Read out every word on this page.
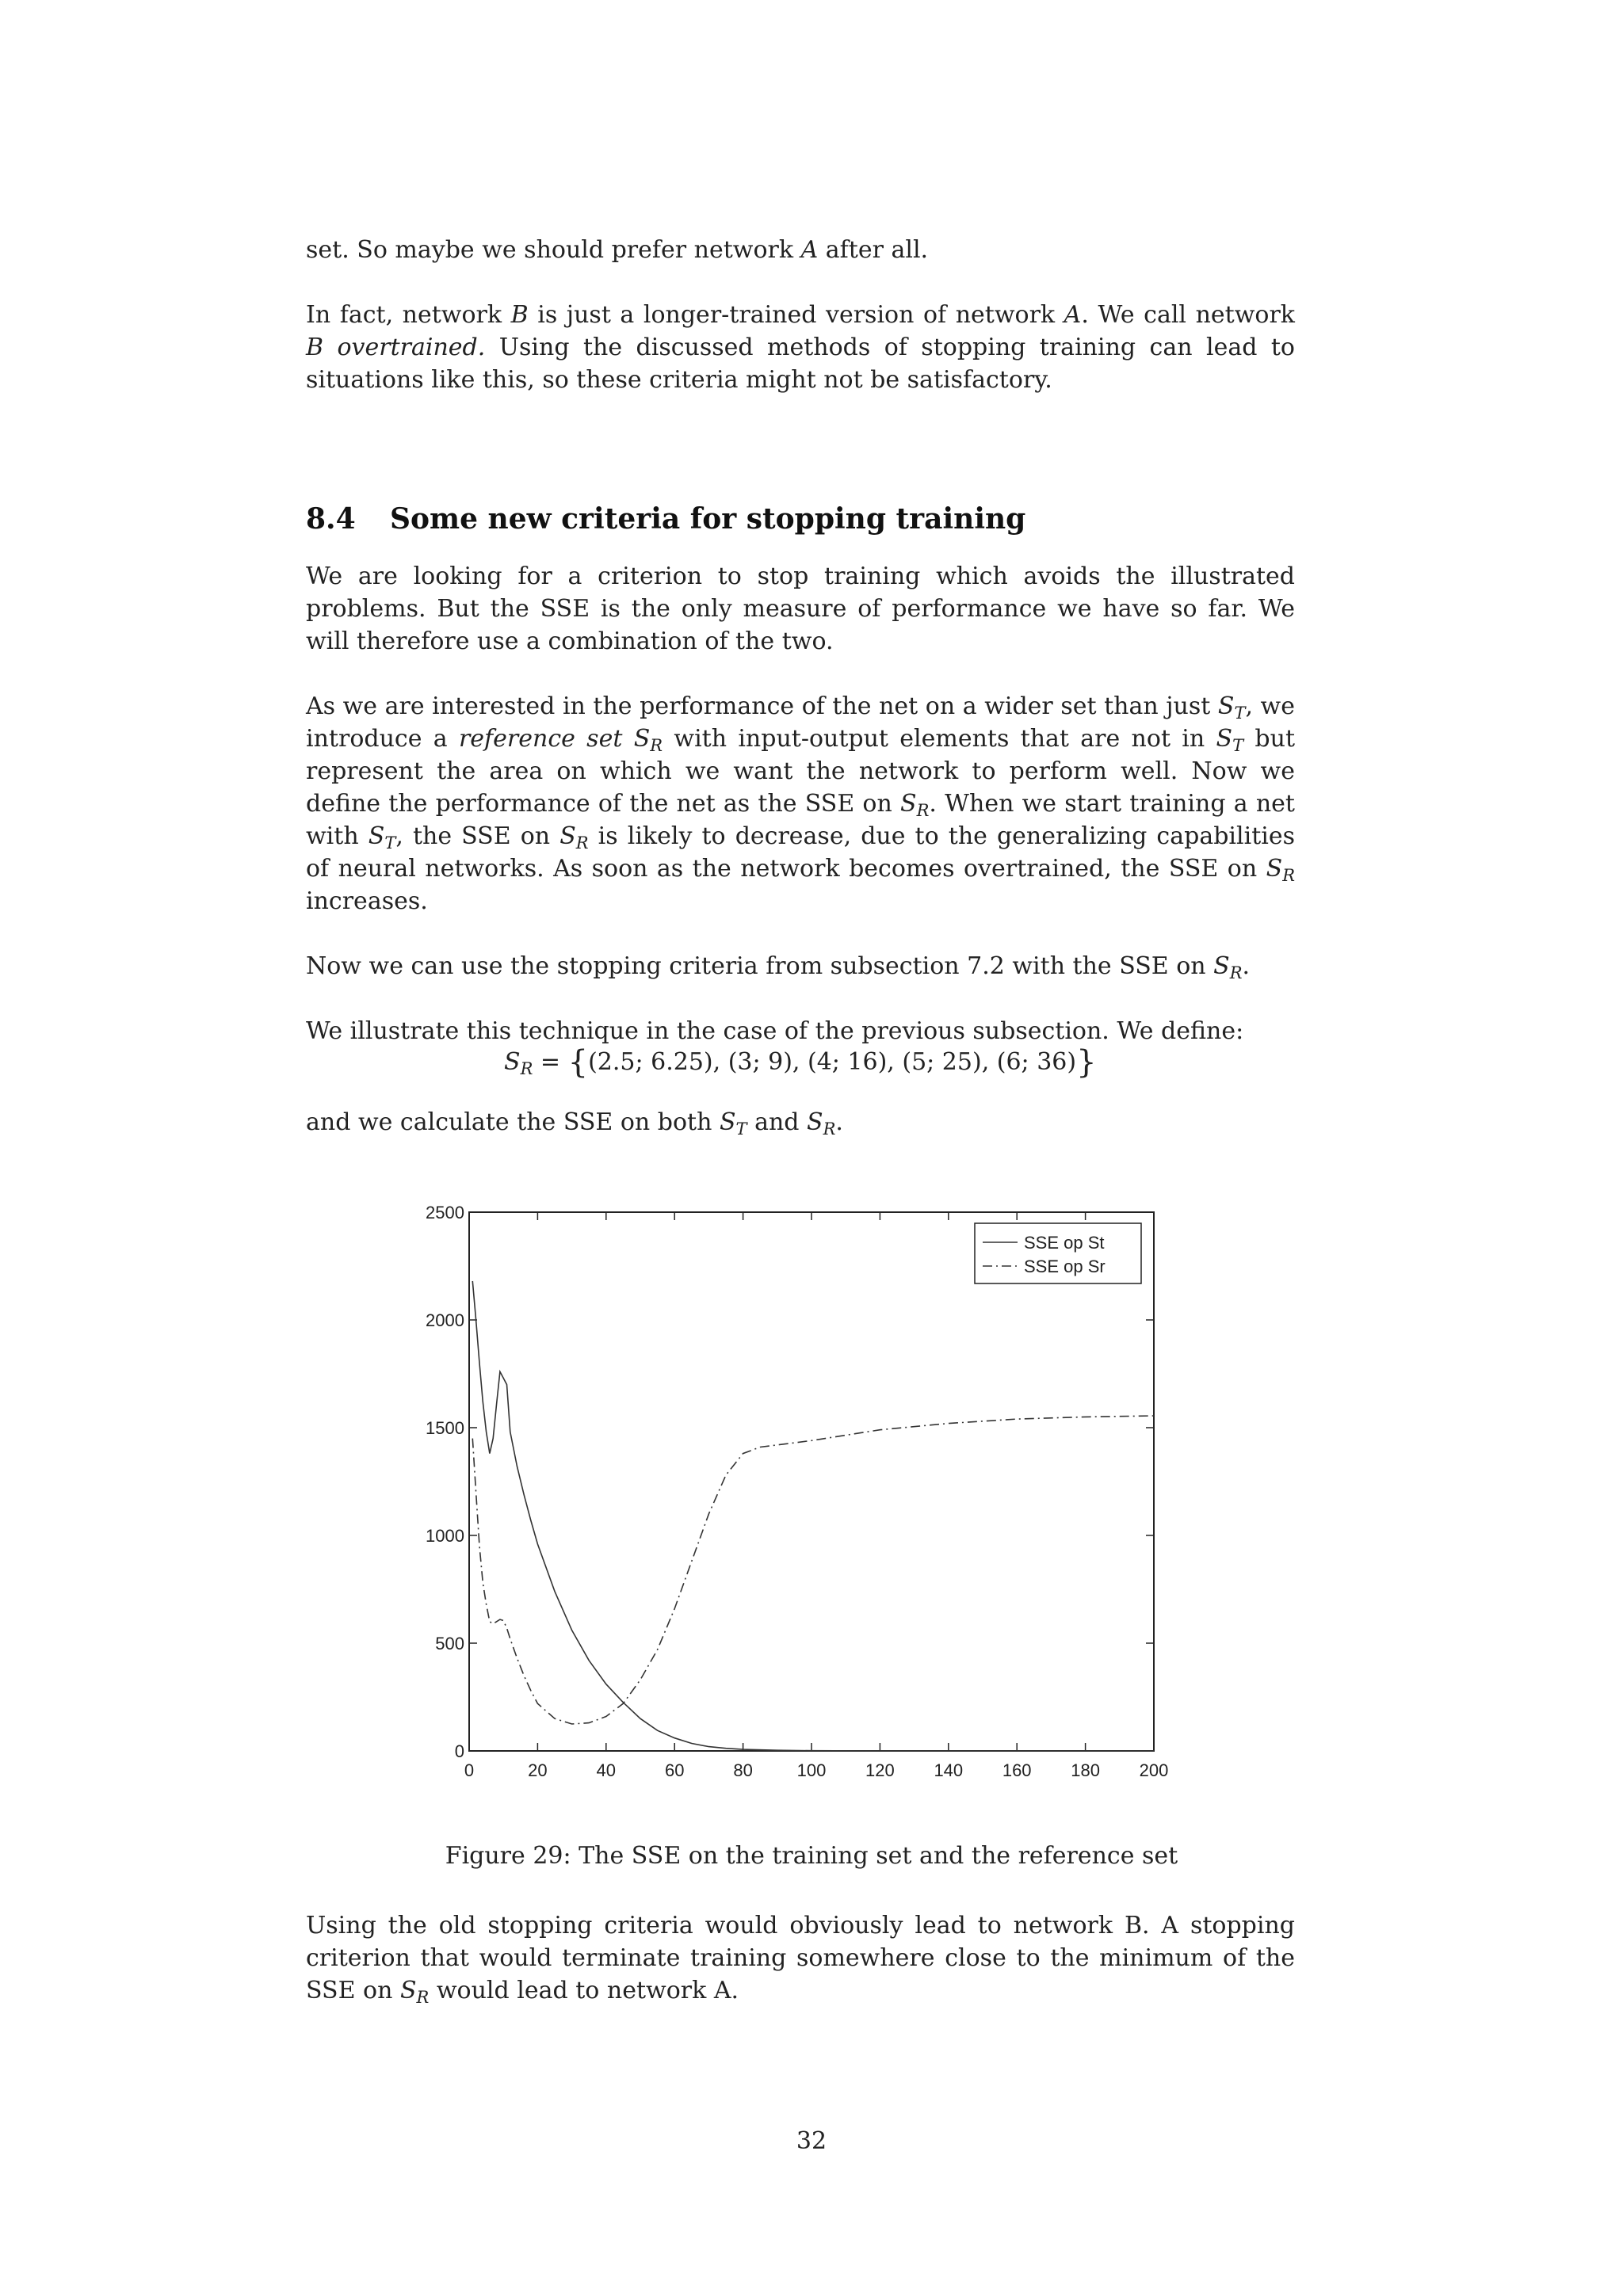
set. So maybe we should prefer network A after all.

In fact, network B is just a longer-trained version of network A. We call network B overtrained. Using the discussed methods of stopping training can lead to situations like this, so these criteria might not be satisfactory.

8.4 Some new criteria for stopping training

We are looking for a criterion to stop training which avoids the illustrated problems. But the SSE is the only measure of performance we have so far. We will therefore use a combination of the two.

As we are interested in the performance of the net on a wider set than just $S_T$, we introduce a reference set $S_R$ with input-output elements that are not in $S_T$ but represent the area on which we want the network to perform well. Now we define the performance of the net as the SSE on $S_R$. When we start training a net with $S_T$, the SSE on $S_R$ is likely to decrease, due to the generalizing capabilities of neural networks. As soon as the network becomes overtrained, the SSE on $S_R$ increases.

Now we can use the stopping criteria from subsection 7.2 with the SSE on $S_R$.

We illustrate this technique in the case of the previous subsection. We define:

$S_R = \{(2.5$; 6.25), (3; 9), (4; 16), (5; 25), (6; 36)}

and we calculate the SSE on both $S_T$ and $S_R$.

0	20	40	60	80	100 120 140 160 180 200
0
500
1000
1500
2000
2500
SSE op St
SSE op Sr
Figure 29: The SSE on the training set and the reference set

Using the old stopping criteria would obviously lead to network B. A stopping criterion that would terminate training somewhere close to the minimum of the SSE on $S_R$ would lead to network A.

32
